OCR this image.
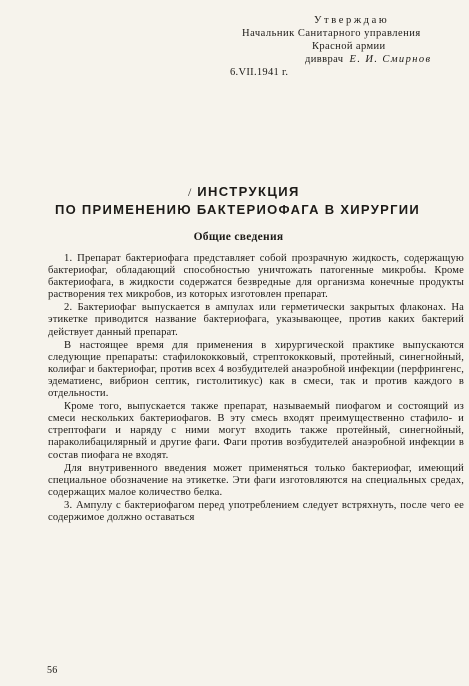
Утверждаю
Начальник Санитарного управления
Красной армии
дивврач Е. И. Смирнов
6.VII.1941 г.
/ ИНСТРУКЦИЯ
ПО ПРИМЕНЕНИЮ БАКТЕРИОФАГА В ХИРУРГИИ
Общие сведения

1. Препарат бактериофага представляет собой прозрачную жидкость, содержащую бактериофаг, обладающий способностью уничтожать патогенные микробы. Кроме бактериофага, в жидкости содержатся безвредные для организма конечные продукты растворения тех микробов, из которых изготовлен препарат.

2. Бактериофаг выпускается в ампулах или герметически закрытых флаконах. На этикетке приводится название бактериофага, указывающее, против каких бактерий действует данный препарат.

В настоящее время для применения в хирургической практике выпускаются следующие препараты: стафилококковый, стрептококковый, протейный, синегнойный, колифаг и бактериофаг, против всех 4 возбудителей анаэробной инфекции (перфрингенс, эдематиенс, вибрион септик, гистолитикус) как в смеси, так и против каждого в отдельности.

Кроме того, выпускается также препарат, называемый пиофагом и состоящий из смеси нескольких бактериофагов. В эту смесь входят преимущественно стафило- и стрептофаги и наряду с ними могут входить также протейный, синегнойный, параколибацилярный и другие фаги. Фаги против возбудителей анаэробной инфекции в состав пиофага не входят.

Для внутривенного введения может применяться только бактериофаг, имеющий специальное обозначение на этикетке. Эти фаги изготовляются на специальных средах, содержащих малое количество белка.

3. Ампулу с бактериофагом перед употреблением следует встряхнуть, после чего ее содержимое должно оставаться

56
